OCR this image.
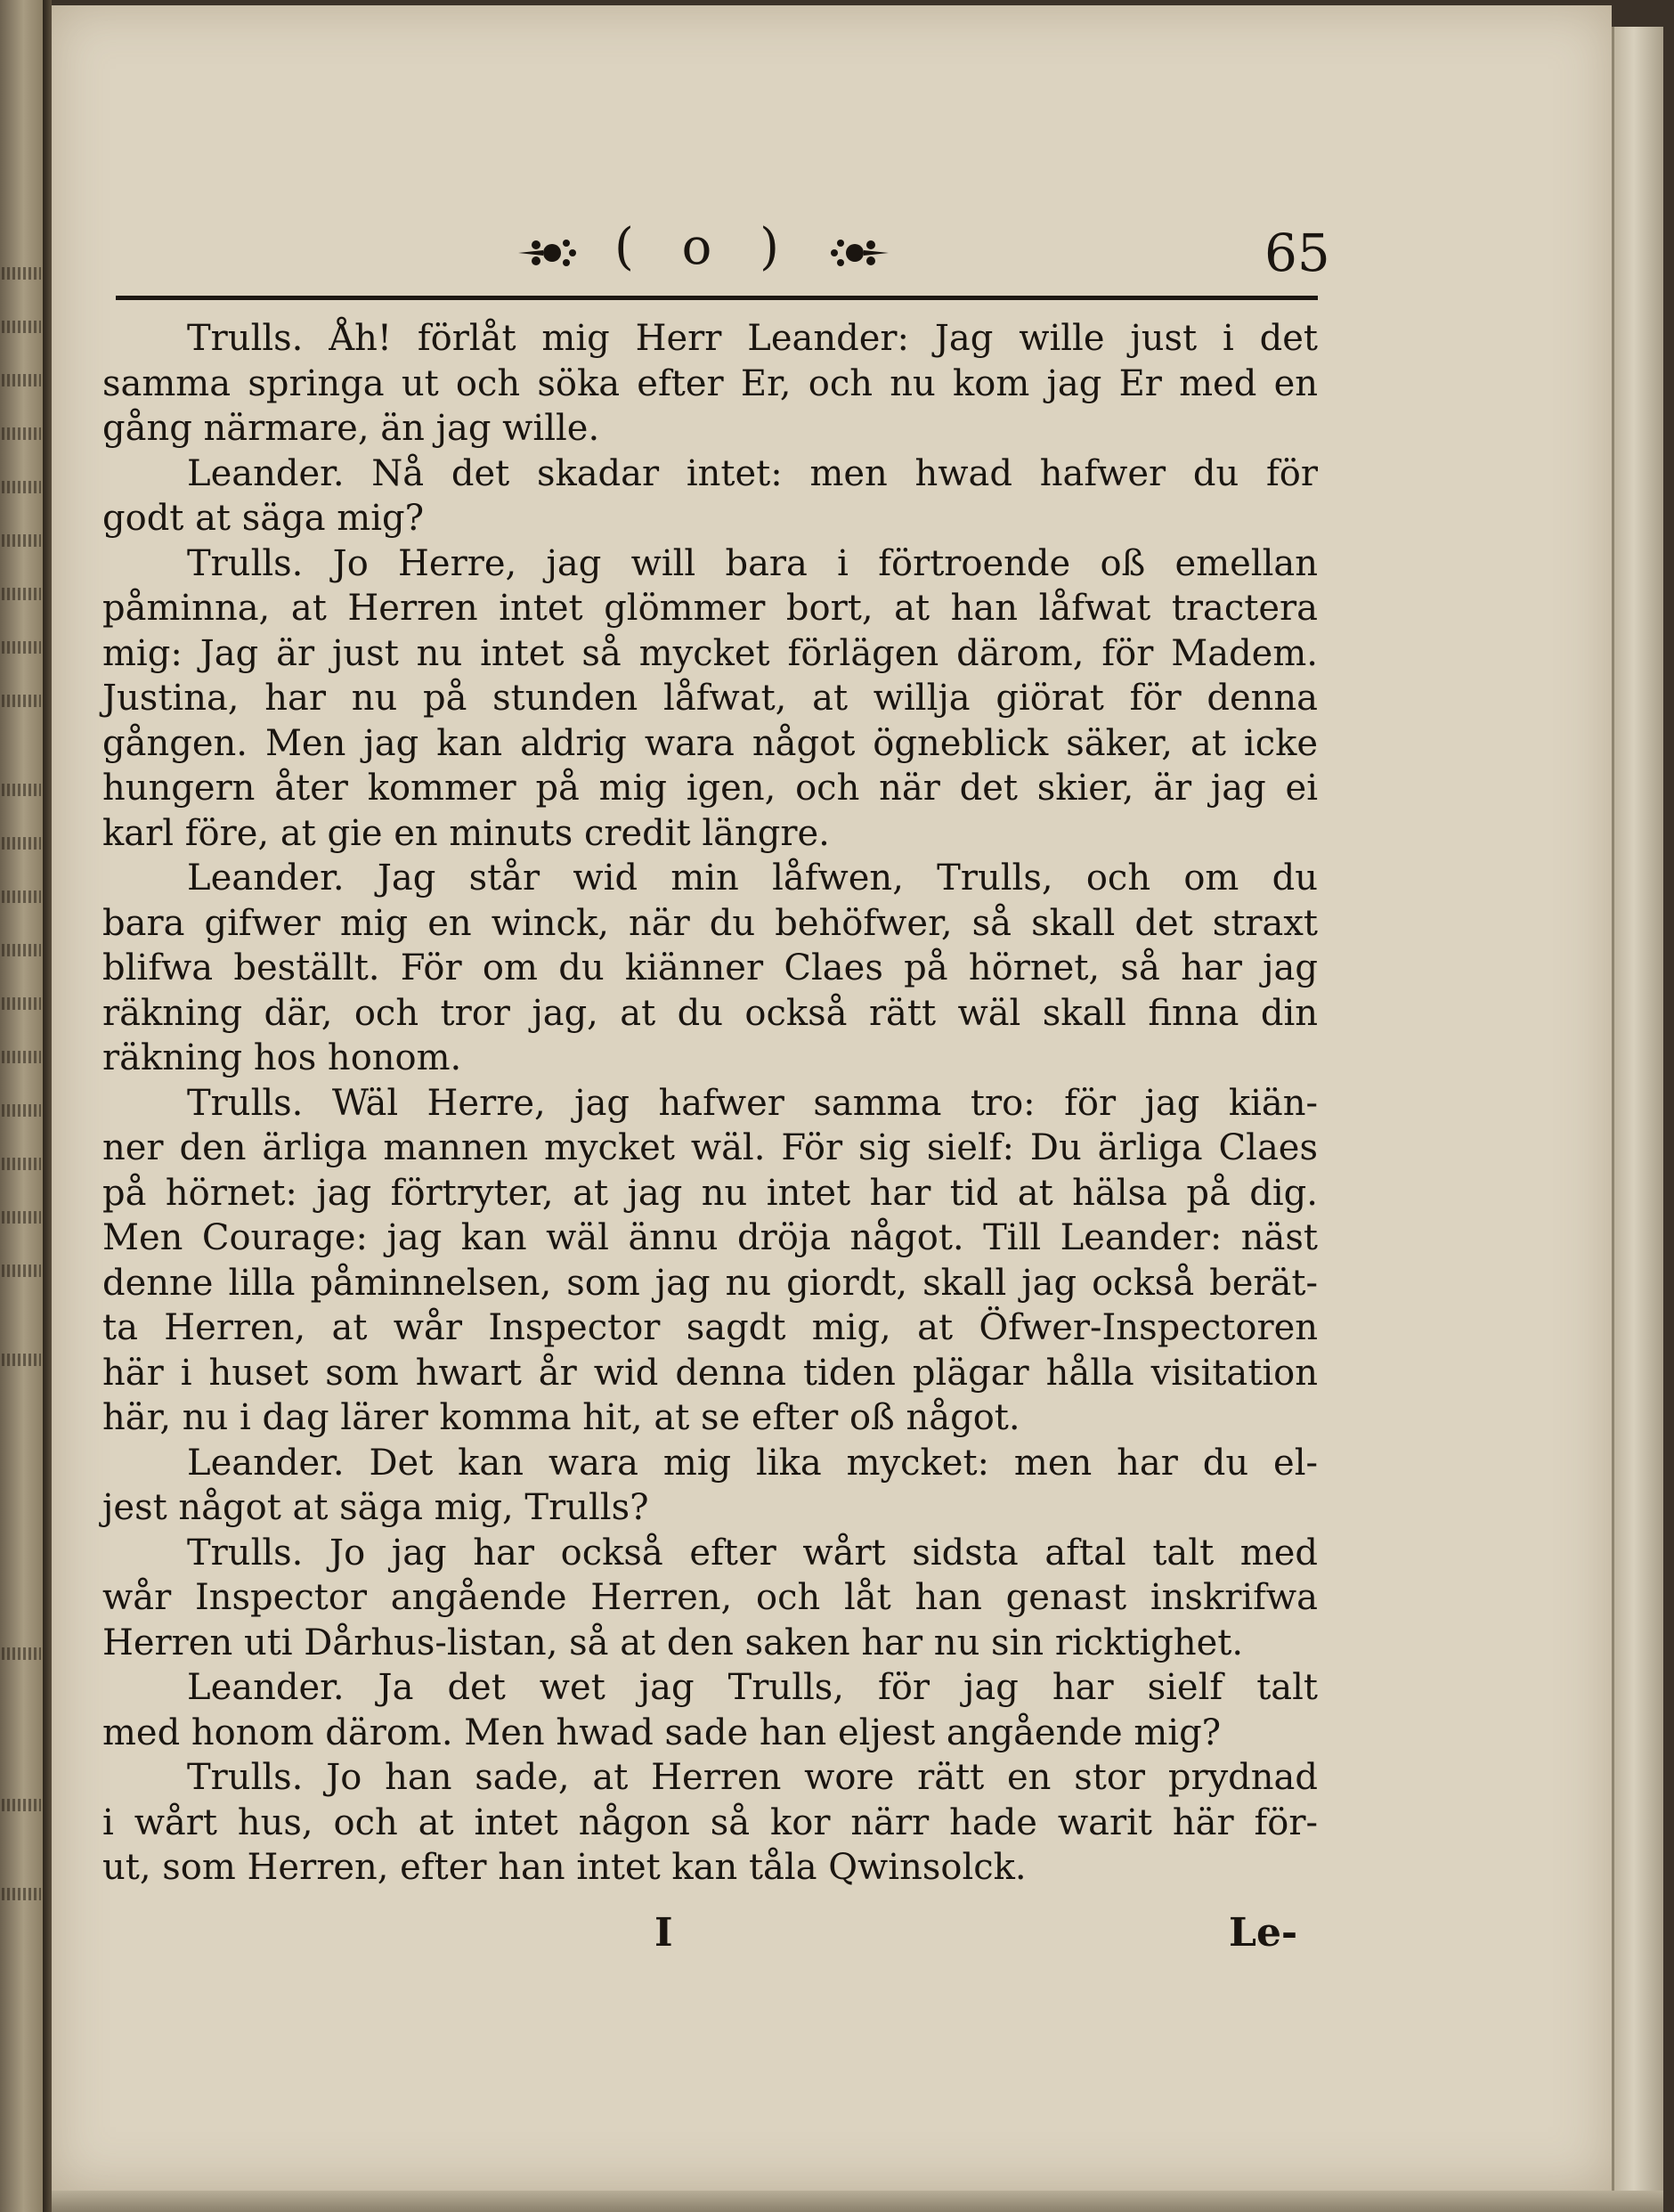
( o )	65
Trulls. Åh! förlåt mig Herr Leander: Jag wille just i det
samma springa ut och söka efter Er, och nu kom jag Er med en
gång närmare, än jag wille.
Leander. Nå det skadar intet: men hwad hafwer du för
godt at säga mig?
Trulls. Jo Herre, jag will bara i förtroende oß emellan
påminna, at Herren intet glömmer bort, at han låfwat tractera
mig: Jag är just nu intet så mycket förlägen därom, för Madem.
Justina, har nu på stunden låfwat, at willja giörat för denna
gången. Men jag kan aldrig wara något ögneblick säker, at icke
hungern åter kommer på mig igen, och när det skier, är jag ei
karl före, at gie en minuts credit längre.
Leander. Jag står wid min låfwen, Trulls, och om du
bara gifwer mig en winck, när du behöfwer, så skall det straxt
blifwa beställt. För om du kiänner Claes på hörnet, så har jag
räkning där, och tror jag, at du också rätt wäl skall finna din
räkning hos honom.
Trulls. Wäl Herre, jag hafwer samma tro: för jag kiän-
ner den ärliga mannen mycket wäl. För sig sielf: Du ärliga Claes
på hörnet: jag förtryter, at jag nu intet har tid at hälsa på dig.
Men Courage: jag kan wäl ännu dröja något. Till Leander: näst
denne lilla påminnelsen, som jag nu giordt, skall jag också berät-
ta Herren, at wår Inspector sagdt mig, at Öfwer-Inspectoren
här i huset som hwart år wid denna tiden plägar hålla visitation
här, nu i dag lärer komma hit, at se efter oß något.
Leander. Det kan wara mig lika mycket: men har du el-
jest något at säga mig, Trulls?
Trulls. Jo jag har också efter wårt sidsta aftal talt med
wår Inspector angående Herren, och låt han genast inskrifwa
Herren uti Dårhus-listan, så at den saken har nu sin ricktighet.
Leander. Ja det wet jag Trulls, för jag har sielf talt
med honom därom. Men hwad sade han eljest angående mig?
Trulls. Jo han sade, at Herren wore rätt en stor prydnad
i wårt hus, och at intet någon så kor närr hade warit här för-
ut, som Herren, efter han intet kan tåla Qwinsolck.
I	Le-
